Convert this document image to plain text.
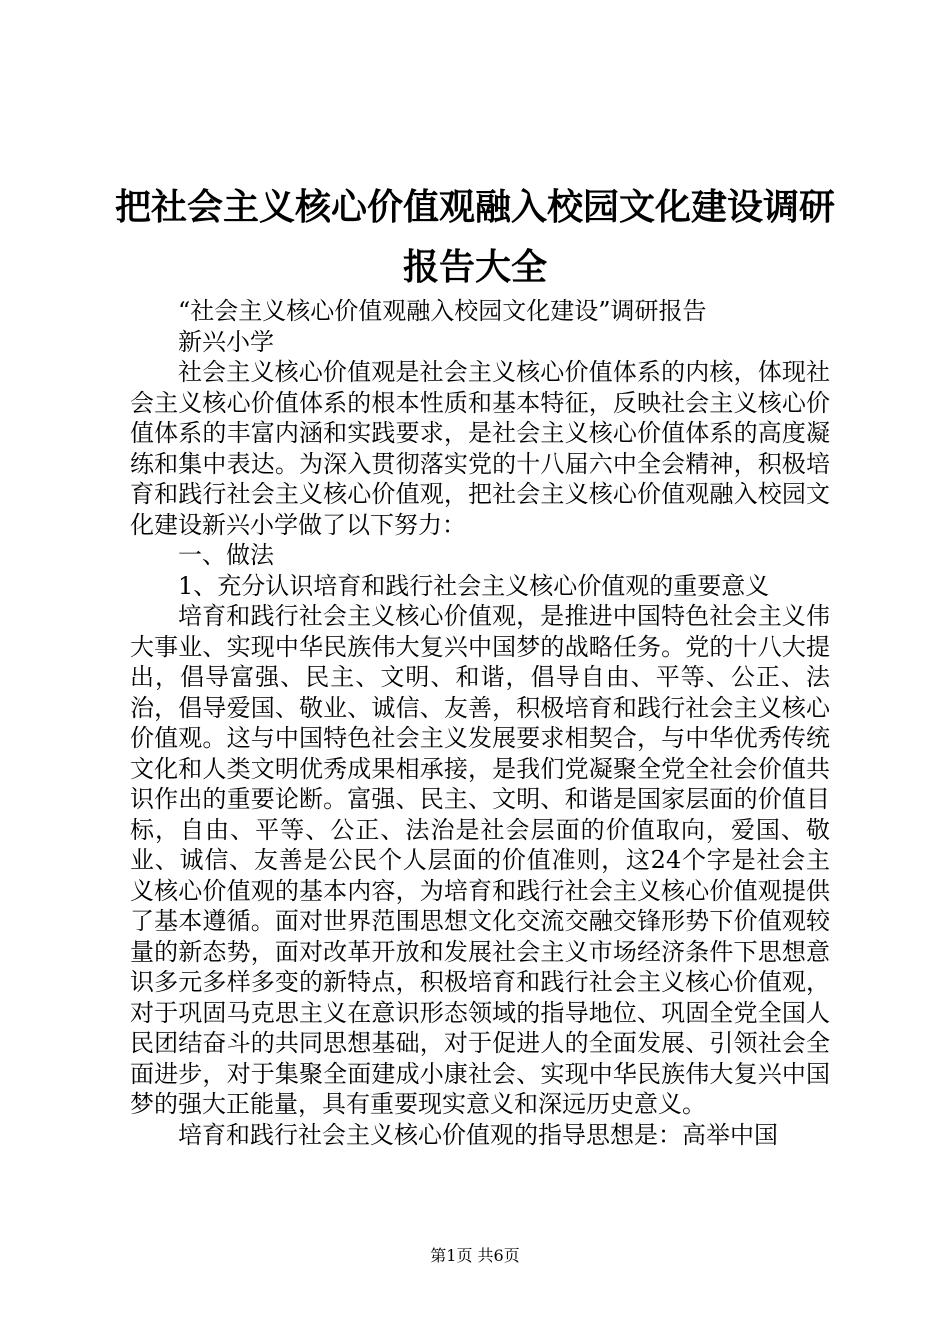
把社会主义核心价值观融入校园文化建设调研
报告大全

“社会主义核心价值观融入校园文化建设”调研报告

新兴小学

社会主义核心价值观是社会主义核心价值体系的内核，体现社会主义核心价值体系的根本性质和基本特征，反映社会主义核心价值体系的丰富内涵和实践要求，是社会主义核心价值体系的高度凝练和集中表达。为深入贯彻落实党的十八届六中全会精神，积极培育和践行社会主义核心价值观，把社会主义核心价值观融入校园文化建设新兴小学做了以下努力：

一、做法

1、充分认识培育和践行社会主义核心价值观的重要意义

培育和践行社会主义核心价值观，是推进中国特色社会主义伟大事业、实现中华民族伟大复兴中国梦的战略任务。党的十八大提出，倡导富强、民主、文明、和谐，倡导自由、平等、公正、法治，倡导爱国、敬业、诚信、友善，积极培育和践行社会主义核心价值观。这与中国特色社会主义发展要求相契合，与中华优秀传统文化和人类文明优秀成果相承接，是我们党凝聚全党全社会价值共识作出的重要论断。富强、民主、文明、和谐是国家层面的价值目标，自由、平等、公正、法治是社会层面的价值取向，爱国、敬业、诚信、友善是公民个人层面的价值准则，这24个字是社会主义核心价值观的基本内容，为培育和践行社会主义核心价值观提供了基本遵循。面对世界范围思想文化交流交融交锋形势下价值观较量的新态势，面对改革开放和发展社会主义市场经济条件下思想意识多元多样多变的新特点，积极培育和践行社会主义核心价值观，对于巩固马克思主义在意识形态领域的指导地位、巩固全党全国人民团结奋斗的共同思想基础，对于促进人的全面发展、引领社会全面进步，对于集聚全面建成小康社会、实现中华民族伟大复兴中国梦的强大正能量，具有重要现实意义和深远历史意义。

培育和践行社会主义核心价值观的指导思想是：高举中国

第1页 共6页
